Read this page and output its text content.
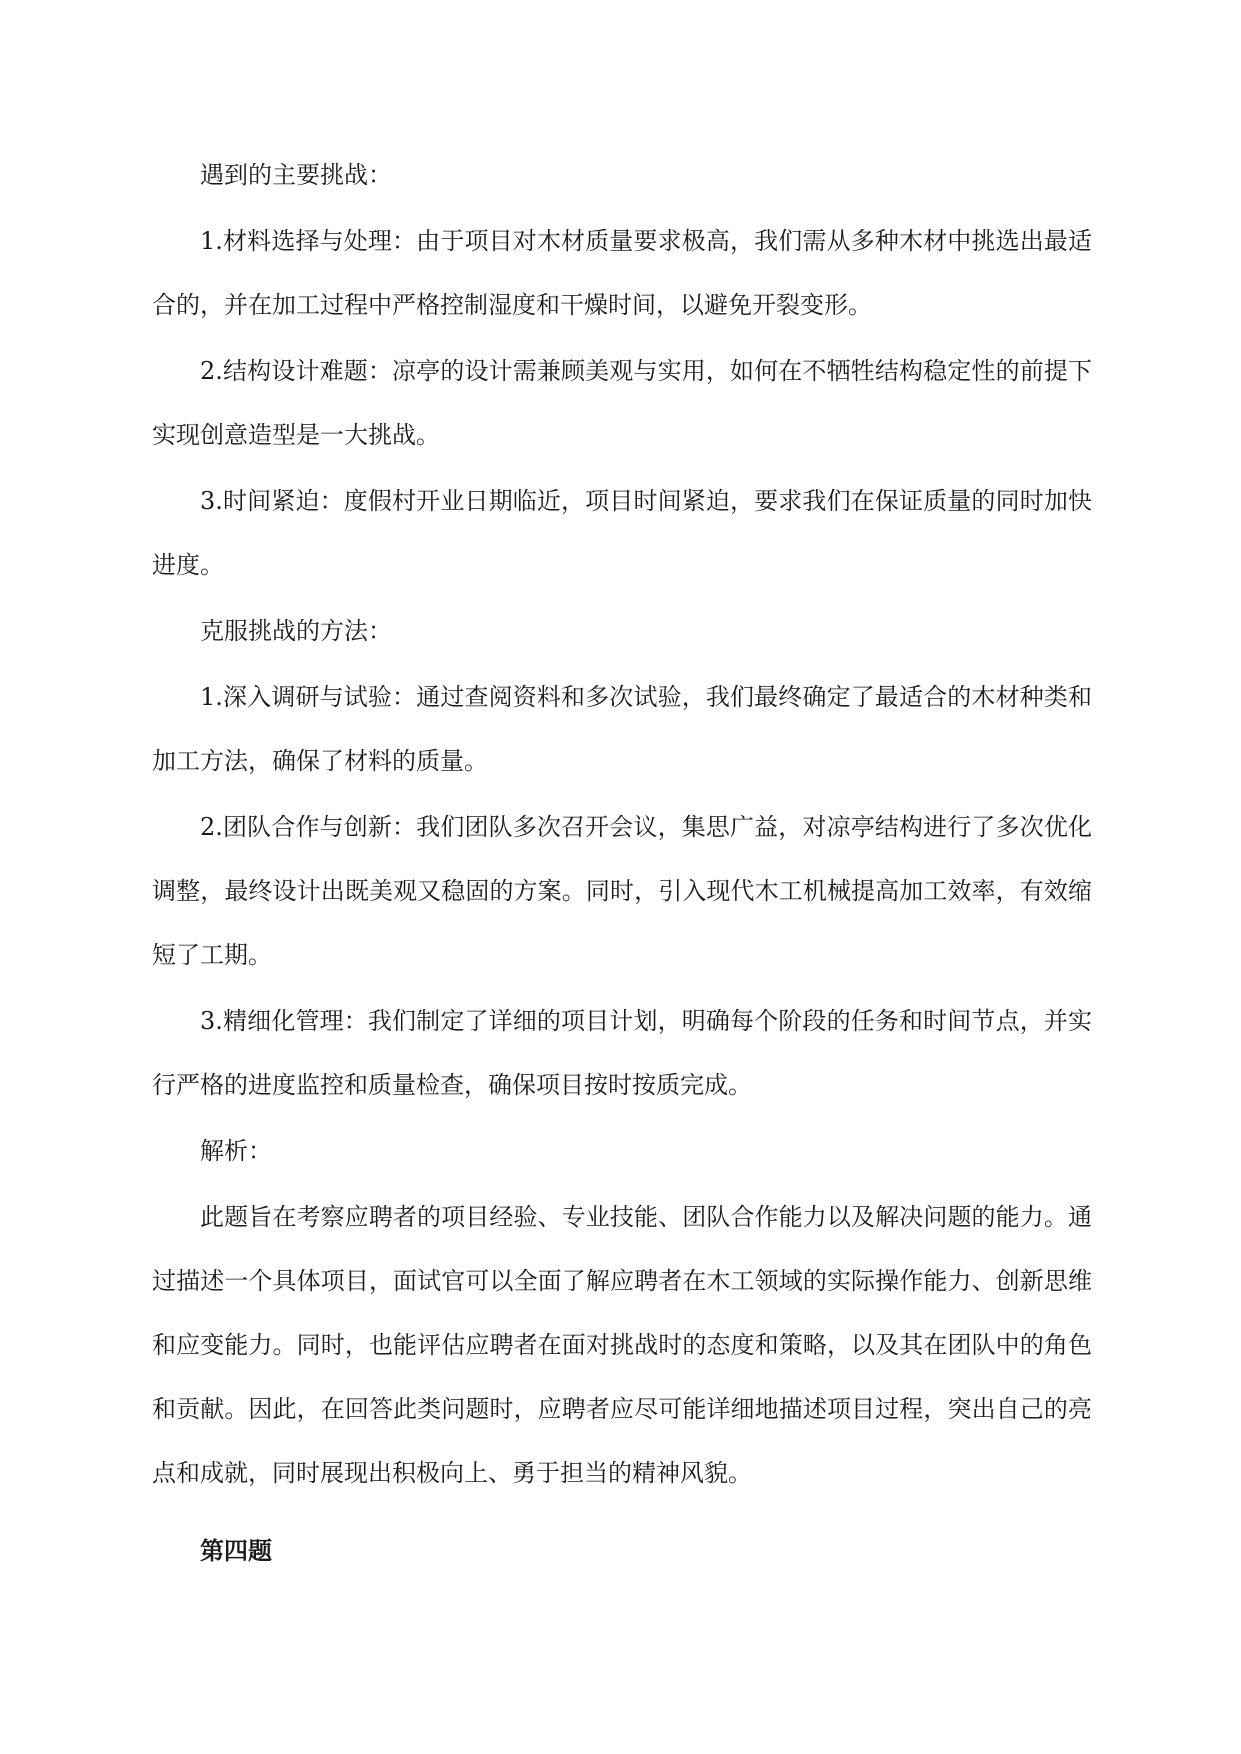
遇到的主要挑战：

1.材料选择与处理：由于项目对木材质量要求极高，我们需从多种木材中挑选出最适合的，并在加工过程中严格控制湿度和干燥时间，以避免开裂变形。

2.结构设计难题：凉亭的设计需兼顾美观与实用，如何在不牺牲结构稳定性的前提下实现创意造型是一大挑战。

3.时间紧迫：度假村开业日期临近，项目时间紧迫，要求我们在保证质量的同时加快进度。

克服挑战的方法：

1.深入调研与试验：通过查阅资料和多次试验，我们最终确定了最适合的木材种类和加工方法，确保了材料的质量。

2.团队合作与创新：我们团队多次召开会议，集思广益，对凉亭结构进行了多次优化调整，最终设计出既美观又稳固的方案。同时，引入现代木工机械提高加工效率，有效缩短了工期。

3.精细化管理：我们制定了详细的项目计划，明确每个阶段的任务和时间节点，并实行严格的进度监控和质量检查，确保项目按时按质完成。

解析：

此题旨在考察应聘者的项目经验、专业技能、团队合作能力以及解决问题的能力。通过描述一个具体项目，面试官可以全面了解应聘者在木工领域的实际操作能力、创新思维和应变能力。同时，也能评估应聘者在面对挑战时的态度和策略，以及其在团队中的角色和贡献。因此，在回答此类问题时，应聘者应尽可能详细地描述项目过程，突出自己的亮点和成就，同时展现出积极向上、勇于担当的精神风貌。

第四题
